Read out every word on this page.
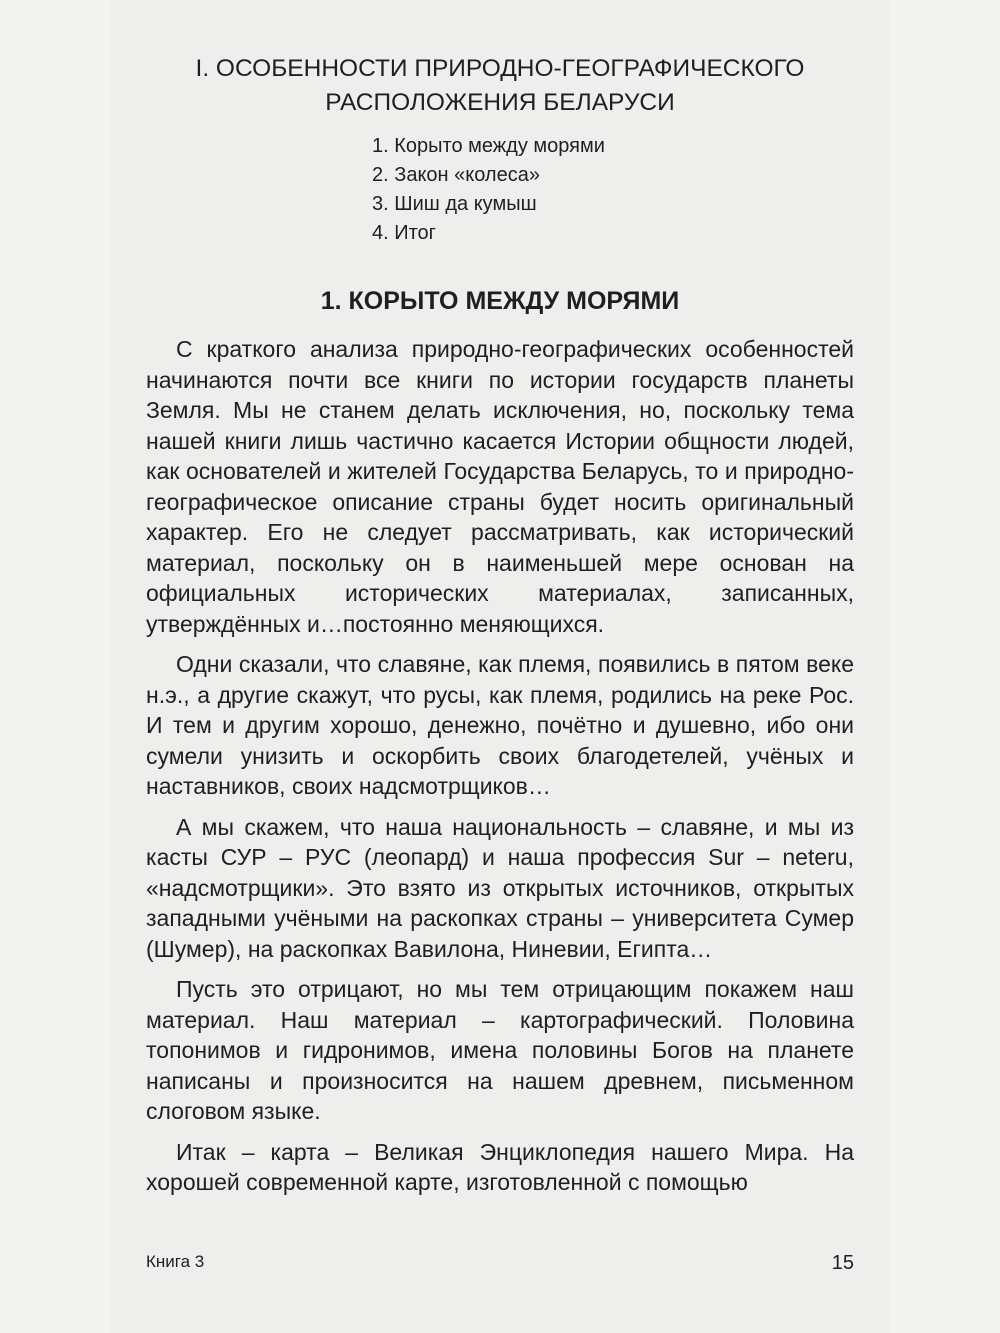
I. ОСОБЕННОСТИ ПРИРОДНО-ГЕОГРАФИЧЕСКОГО
РАСПОЛОЖЕНИЯ БЕЛАРУСИ
1. Корыто между морями
2. Закон «колеса»
3. Шиш да кумыш
4. Итог
1. КОРЫТО МЕЖДУ МОРЯМИ

С краткого анализа природно-географических особенностей начинаются почти все книги по истории государств планеты Земля. Мы не станем делать исключения, но, поскольку тема нашей книги лишь частично касается Истории общности людей, как основателей и жителей Государства Беларусь, то и природно-географическое описание страны будет носить оригинальный характер. Его не следует рассматривать, как исторический материал, поскольку он в наименьшей мере основан на официальных исторических материалах, записанных, утверждённых и…постоянно меняющихся.

Одни сказали, что славяне, как племя, появились в пятом веке н.э., а другие скажут, что русы, как племя, родились на реке Рос. И тем и другим хорошо, денежно, почётно и душевно, ибо они сумели унизить и оскорбить своих благодетелей, учёных и наставников, своих надсмотрщиков…

А мы скажем, что наша национальность – славяне, и мы из касты СУР – РУС (леопард) и наша профессия Sur – neteru, «надсмотрщики». Это взято из открытых источников, открытых западными учёными на раскопках страны – университета Сумер (Шумер), на раскопках Вавилона, Ниневии, Египта…

Пусть это отрицают, но мы тем отрицающим покажем наш материал. Наш материал – картографический. Половина топонимов и гидронимов, имена половины Богов на планете написаны и произносится на нашем древнем, письменном слоговом языке.

Итак – карта – Великая Энциклопедия нашего Мира. На хорошей современной карте, изготовленной с помощью

Книга 3	15
